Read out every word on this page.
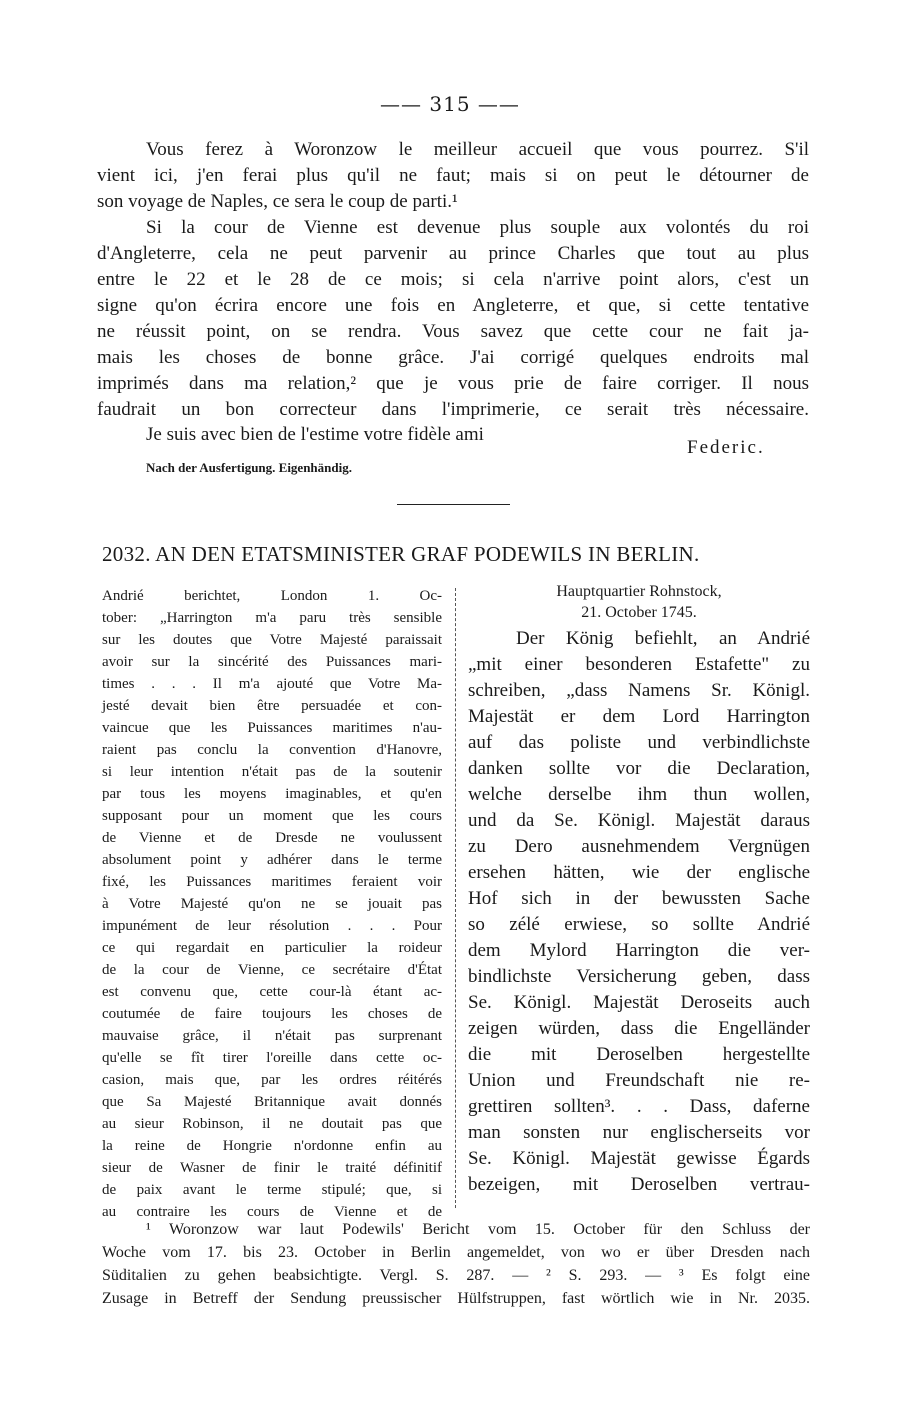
—— 315 ——
Vous ferez à Woronzow le meilleur accueil que vous pourrez. S'il
vient ici, j'en ferai plus qu'il ne faut; mais si on peut le détourner de
son voyage de Naples, ce sera le coup de parti.¹
Si la cour de Vienne est devenue plus souple aux volontés du roi
d'Angleterre, cela ne peut parvenir au prince Charles que tout au plus
entre le 22 et le 28 de ce mois; si cela n'arrive point alors, c'est un
signe qu'on écrira encore une fois en Angleterre, et que, si cette tentative
ne réussit point, on se rendra. Vous savez que cette cour ne fait ja-
mais les choses de bonne grâce. J'ai corrigé quelques endroits mal
imprimés dans ma relation,² que je vous prie de faire corriger. Il nous
faudrait un bon correcteur dans l'imprimerie, ce serait très nécessaire.
Je suis avec bien de l'estime votre fidèle ami
Federic.
Nach der Ausfertigung. Eigenhändig.
2032. AN DEN ETATSMINISTER GRAF PODEWILS IN BERLIN.
Andrié berichtet, London 1. Oc-
tober: „Harrington m'a paru très sensible
sur les doutes que Votre Majesté paraissait
avoir sur la sincérité des Puissances mari-
times . . . Il m'a ajouté que Votre Ma-
jesté devait bien être persuadée et con-
vaincue que les Puissances maritimes n'au-
raient pas conclu la convention d'Hanovre,
si leur intention n'était pas de la soutenir
par tous les moyens imaginables, et qu'en
supposant pour un moment que les cours
de Vienne et de Dresde ne voulussent
absolument point y adhérer dans le terme
fixé, les Puissances maritimes feraient voir
à Votre Majesté qu'on ne se jouait pas
impunément de leur résolution . . . Pour
ce qui regardait en particulier la roideur
de la cour de Vienne, ce secrétaire d'État
est convenu que, cette cour-là étant ac-
coutumée de faire toujours les choses de
mauvaise grâce, il n'était pas surprenant
qu'elle se fît tirer l'oreille dans cette oc-
casion, mais que, par les ordres réitérés
que Sa Majesté Britannique avait donnés
au sieur Robinson, il ne doutait pas que
la reine de Hongrie n'ordonne enfin au
sieur de Wasner de finir le traité définitif
de paix avant le terme stipulé; que, si
au contraire les cours de Vienne et de
Hauptquartier Rohnstock,
21. October 1745.
Der König befiehlt, an Andrié
„mit einer besonderen Estafette" zu
schreiben, „dass Namens Sr. Königl.
Majestät er dem Lord Harrington
auf das poliste und verbindlichste
danken sollte vor die Declaration,
welche derselbe ihm thun wollen,
und da Se. Königl. Majestät daraus
zu Dero ausnehmendem Vergnügen
ersehen hätten, wie der englische
Hof sich in der bewussten Sache
so zélé erwiese, so sollte Andrié
dem Mylord Harrington die ver-
bindlichste Versicherung geben, dass
Se. Königl. Majestät Deroseits auch
zeigen würden, dass die Engelländer
die mit Deroselben hergestellte
Union und Freundschaft nie re-
grettiren sollten³. . . Dass, daferne
man sonsten nur englischerseits vor
Se. Königl. Majestät gewisse Égards
bezeigen, mit Deroselben vertrau-
¹ Woronzow war laut Podewils' Bericht vom 15. October für den Schluss der
Woche vom 17. bis 23. October in Berlin angemeldet, von wo er über Dresden nach
Süditalien zu gehen beabsichtigte. Vergl. S. 287. — ² S. 293. — ³ Es folgt eine
Zusage in Betreff der Sendung preussischer Hülfstruppen, fast wörtlich wie in Nr. 2035.
